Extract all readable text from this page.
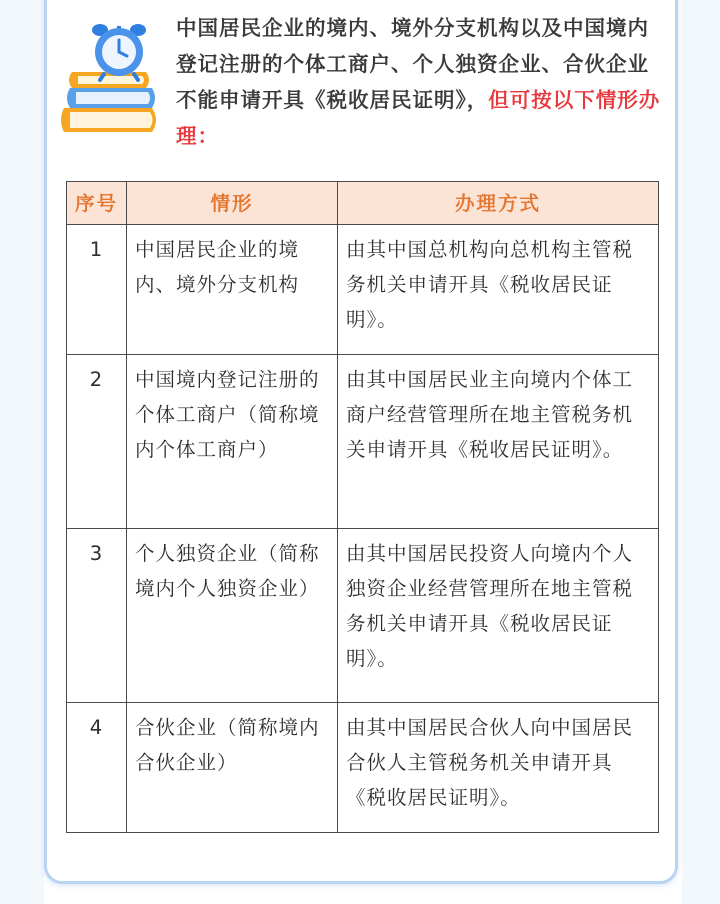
中国居民企业的境内、境外分支机构以及中国境内登记注册的个体工商户、个人独资企业、合伙企业不能申请开具《税收居民证明》，但可按以下情形办理：
序号	情形	办理方式
1	中国居民企业的境内、境外分支机构	由其中国总机构向总机构主管税务机关申请开具《税收居民证明》。
2	中国境内登记注册的个体工商户（简称境内个体工商户）	由其中国居民业主向境内个体工商户经营管理所在地主管税务机关申请开具《税收居民证明》。
3	个人独资企业（简称境内个人独资企业）	由其中国居民投资人向境内个人独资企业经营管理所在地主管税务机关申请开具《税收居民证明》。
4	合伙企业（简称境内合伙企业）	由其中国居民合伙人向中国居民合伙人主管税务机关申请开具《税收居民证明》。
